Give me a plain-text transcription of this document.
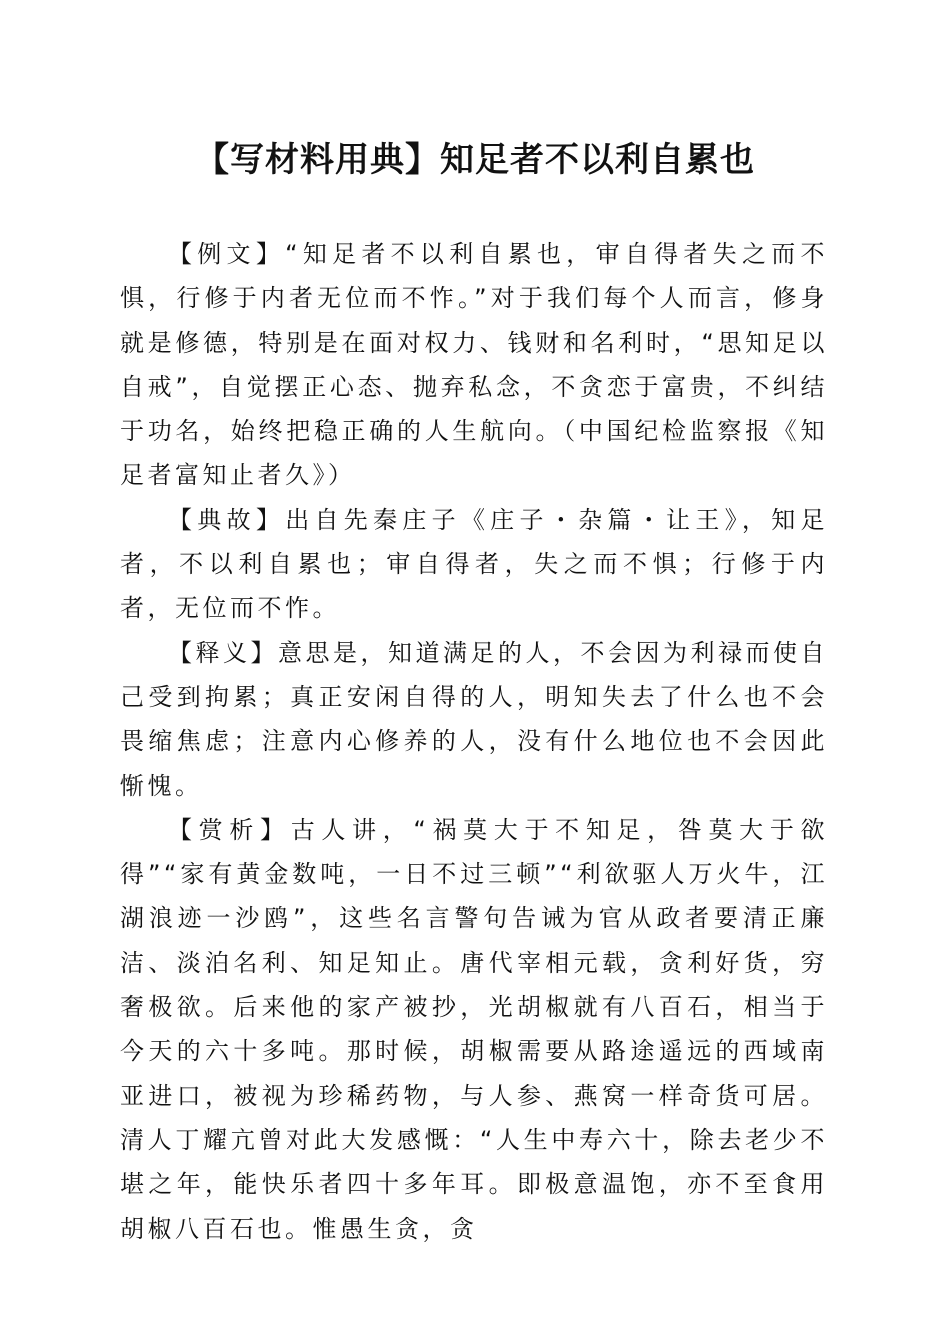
【写材料用典】知足者不以利自累也

【例文】“知足者不以利自累也，审自得者失之而不惧，行修于内者无位而不怍。”对于我们每个人而言，修身就是修德，特别是在面对权力、钱财和名利时，“思知足以自戒”，自觉摆正心态、抛弃私念，不贪恋于富贵，不纠结于功名，始终把稳正确的人生航向。（中国纪检监察报《知足者富知止者久》）

【典故】出自先秦庄子《庄子・杂篇・让王》，知足者，不以利自累也；审自得者，失之而不惧；行修于内者，无位而不怍。

【释义】意思是，知道满足的人，不会因为利禄而使自己受到拘累；真正安闲自得的人，明知失去了什么也不会畏缩焦虑；注意内心修养的人，没有什么地位也不会因此惭愧。

【赏析】古人讲，“祸莫大于不知足，咎莫大于欲得”“家有黄金数吨，一日不过三顿”“利欲驱人万火牛，江湖浪迹一沙鸥”，这些名言警句告诫为官从政者要清正廉洁、淡泊名利、知足知止。唐代宰相元载，贪利好货，穷奢极欲。后来他的家产被抄，光胡椒就有八百石，相当于今天的六十多吨。那时候，胡椒需要从路途遥远的西域南亚进口，被视为珍稀药物，与人参、燕窝一样奇货可居。清人丁耀亢曾对此大发感慨：“人生中寿六十，除去老少不堪之年，能快乐者四十多年耳。即极意温饱，亦不至食用胡椒八百石也。惟愚生贪，贪
